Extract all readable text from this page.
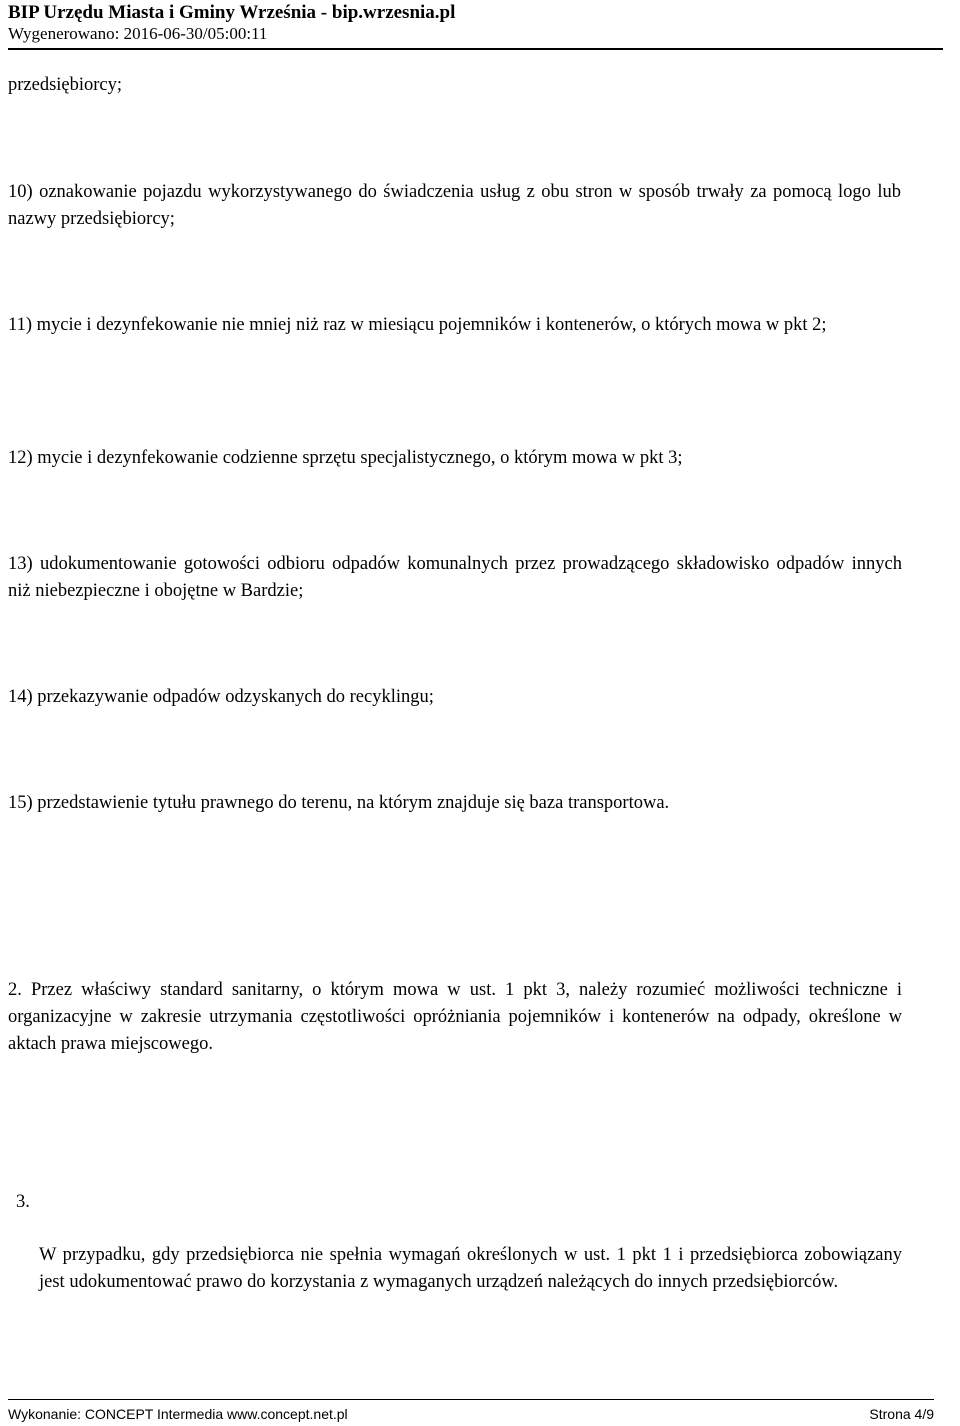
BIP Urzędu Miasta i Gminy Września - bip.wrzesnia.pl
Wygenerowano: 2016-06-30/05:00:11

przedsiębiorcy;

10) oznakowanie pojazdu wykorzystywanego do świadczenia usług z obu stron w sposób trwały za pomocą logo lub nazwy przedsiębiorcy;

11) mycie i dezynfekowanie nie mniej niż raz w miesiącu pojemników i kontenerów, o których mowa w pkt 2;

12) mycie i dezynfekowanie codzienne sprzętu specjalistycznego, o którym mowa w pkt 3;

13) udokumentowanie gotowości odbioru odpadów komunalnych przez prowadzącego składowisko odpadów innych niż niebezpieczne i obojętne w Bardzie;

14) przekazywanie odpadów odzyskanych do recyklingu;

15) przedstawienie tytułu prawnego do terenu, na którym znajduje się baza transportowa.

2. Przez właściwy standard sanitarny, o którym mowa w ust. 1 pkt 3, należy rozumieć możliwości techniczne i organizacyjne w zakresie utrzymania częstotliwości opróżniania pojemników i kontenerów na odpady, określone w aktach prawa miejscowego.

3.

W przypadku, gdy przedsiębiorca nie spełnia wymagań określonych w ust. 1 pkt 1 i przedsiębiorca zobowiązany jest udokumentować prawo do korzystania z wymaganych urządzeń należących do innych przedsiębiorców.

Wykonanie: CONCEPT Intermedia www.concept.net.pl	Strona 4/9
